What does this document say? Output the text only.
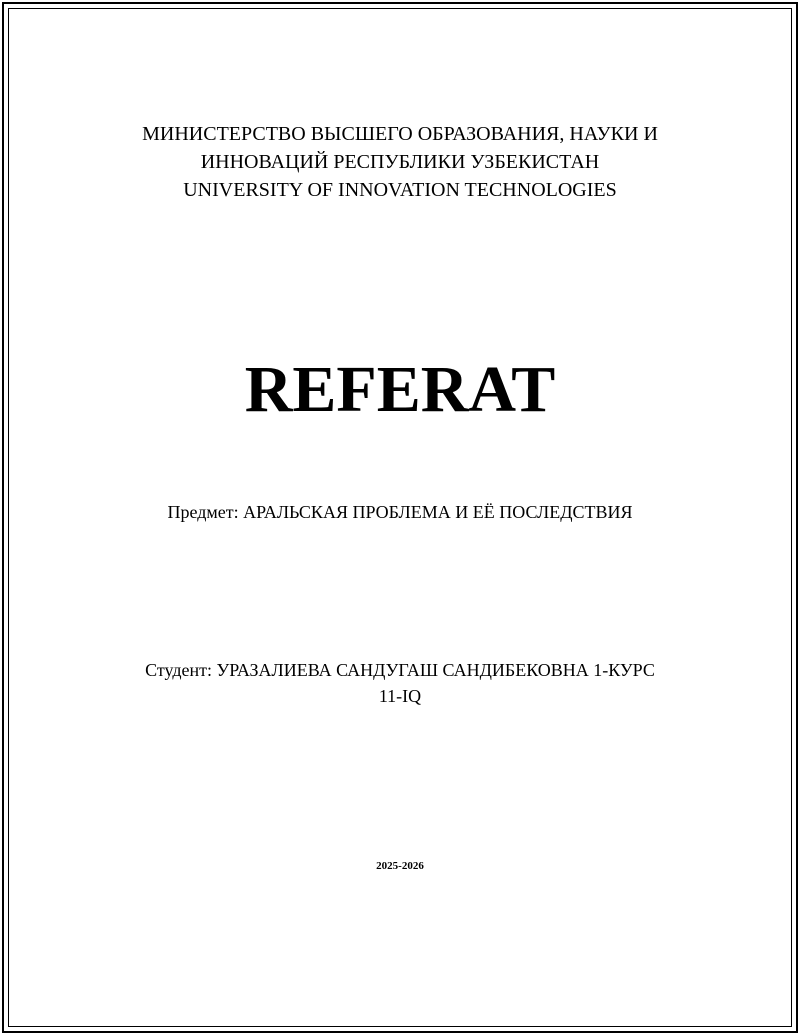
МИНИСТЕРСТВО ВЫСШЕГО ОБРАЗОВАНИЯ, НАУКИ И
ИННОВАЦИЙ РЕСПУБЛИКИ УЗБЕКИСТАН
UNIVERSITY OF INNOVATION TECHNOLOGIES
REFERAT
Предмет: АРАЛЬСКАЯ ПРОБЛЕМА И ЕЁ ПОСЛЕДСТВИЯ
Студент: УРАЗАЛИЕВА САНДУГАШ САНДИБЕКОВНА 1-КУРС
11-IQ
2025-2026
